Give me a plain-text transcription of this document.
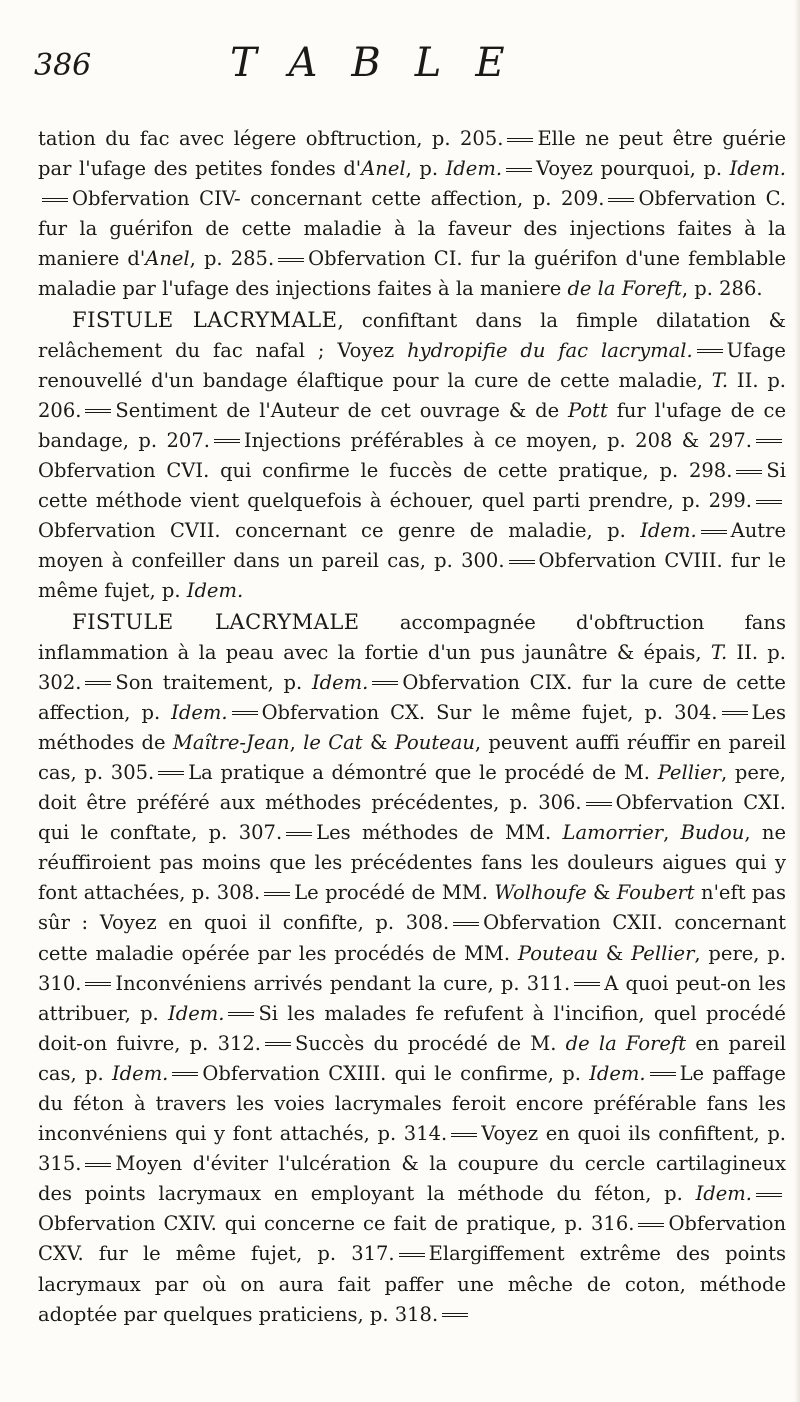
386	TABLE

tation du fac avec légere obftruction, p. 205. Elle ne peut être guérie par l'ufage des petites fondes d'Anel, p. Idem. Voyez pourquoi, p. Idem.Obfervation CIV- concernant cette affection, p. 209. Obfervation C. fur la guérifon de cette maladie à la faveur des injections faites à la maniere d'Anel, p. 285. Obfervation CI. fur la guérifon d'une femblable maladie par l'ufage des injections faites à la maniere de la Foreft, p. 286.

FISTULE LACRYMALE, confiftant dans la fimple dilatation & relâchement du fac nafal ; Voyez hydropifie du fac lacrymal. Ufage renouvellé d'un bandage élaftique pour la cure de cette maladie, T. II. p. 206. Sentiment de l'Auteur de cet ouvrage & de Pott fur l'ufage de ce bandage, p. 207. Injections préférables à ce moyen, p. 208 & 297.Obfervation CVI. qui confirme le fuccès de cette pratique, p. 298. Si cette méthode vient quelquefois à échouer, quel parti prendre, p. 299.Obfervation CVII. concernant ce genre de maladie, p. Idem. Autre moyen à confeiller dans un pareil cas, p. 300. Obfervation CVIII. fur le même fujet, p. Idem.

FISTULE LACRYMALE accompagnée d'obftruction fans inflammation à la peau avec la fortie d'un pus jaunâtre & épais, T. II. p. 302. Son traitement, p. Idem. Obfervation CIX. fur la cure de cette affection, p. Idem. Obfervation CX. Sur le même fujet, p. 304. Les méthodes de Maître-Jean, le Cat & Pouteau, peuvent auffi réuffir en pareil cas, p. 305. La pratique a démontré que le procédé de M. Pellier, pere, doit être préféré aux méthodes précédentes, p. 306. Obfervation CXI. qui le conftate, p. 307. Les méthodes de MM. Lamorrier, Budou, ne réuffiroient pas moins que les précédentes fans les douleurs aigues qui y font attachées, p. 308. Le procédé de MM. Wolhoufe & Foubert n'eft pas sûr : Voyez en quoi il confifte, p. 308. Obfervation CXII. concernant cette maladie opérée par les procédés de MM. Pouteau & Pellier, pere, p. 310. Inconvéniens arrivés pendant la cure, p. 311. A quoi peut-on les attribuer, p. Idem. Si les malades fe refufent à l'incifion, quel procédé doit-on fuivre, p. 312. Succès du procédé de M. de la Foreft en pareil cas, p. Idem. Obfervation CXIII. qui le confirme, p. Idem. Le paffage du féton à travers les voies lacrymales feroit encore préférable fans les inconvéniens qui y font attachés, p. 314. Voyez en quoi ils confiftent, p. 315. Moyen d'éviter l'ulcération & la coupure du cercle cartilagineux des points lacrymaux en employant la méthode du féton, p. Idem.Obfervation CXIV. qui concerne ce fait de pratique, p. 316. Obfervation CXV. fur le même fujet, p. 317. Elargiffement extrême des points lacrymaux par où on aura fait paffer une mêche de coton, méthode adoptée par quelques praticiens, p. 318.
